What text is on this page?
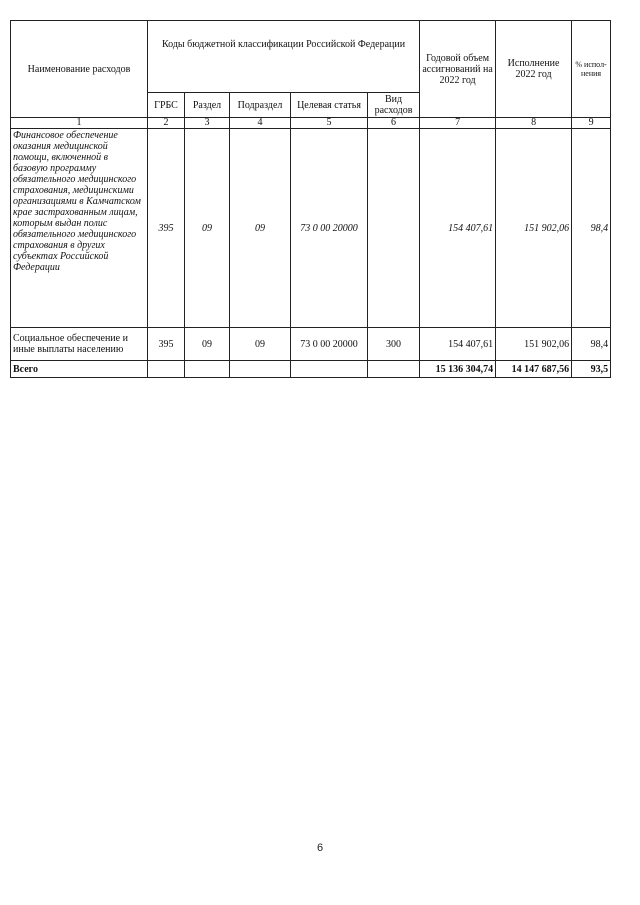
Наименование расходов	Коды бюджетной классификации Российской Федерации					Годовой объем ассигнований на 2022 год	Исполнение 2022 год	% испол-нения
	ГРБС	Раздел	Подраздел	Целевая статья	Вид расходов			
1	2	3	4	5	6	7	8	9
Финансовое обеспечение оказания медицинской помощи, включенной в базовую программу обязательного медицинского страхования, медицинскими организациями в Камчатском крае застрахованным лицам, которым выдан полис обязательного медицинского страхования в других субъектах Российской Федерации	395	09	09	73 0 00 20000		154 407,61	151 902,06	98,4
Социальное обеспечение и иные выплаты населению	395	09	09	73 0 00 20000	300	154 407,61	151 902,06	98,4
Всего						15 136 304,74	14 147 687,56	93,5
6
